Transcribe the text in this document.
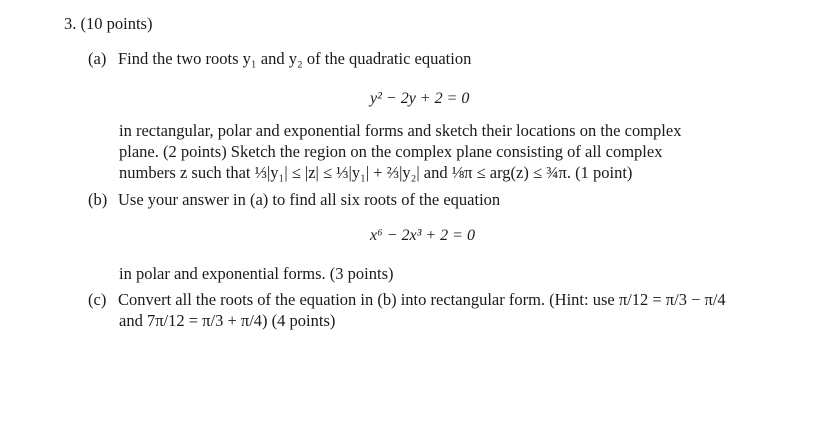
3. (10 points)
(a) Find the two roots y₁ and y₂ of the quadratic equation
y² − 2y + 2 = 0
in rectangular, polar and exponential forms and sketch their locations on the complex
plane. (2 points) Sketch the region on the complex plane consisting of all complex
numbers z such that ⅓|y₁| ≤ |z| ≤ ⅓|y₁| + ⅔|y₂| and ⅛π ≤ arg(z) ≤ ¾π. (1 point)
(b) Use your answer in (a) to find all six roots of the equation
x⁶ − 2x³ + 2 = 0
in polar and exponential forms. (3 points)
(c) Convert all the roots of the equation in (b) into rectangular form. (Hint: use π/12 = π/3 − π/4
and 7π/12 = π/3 + π/4) (4 points)
